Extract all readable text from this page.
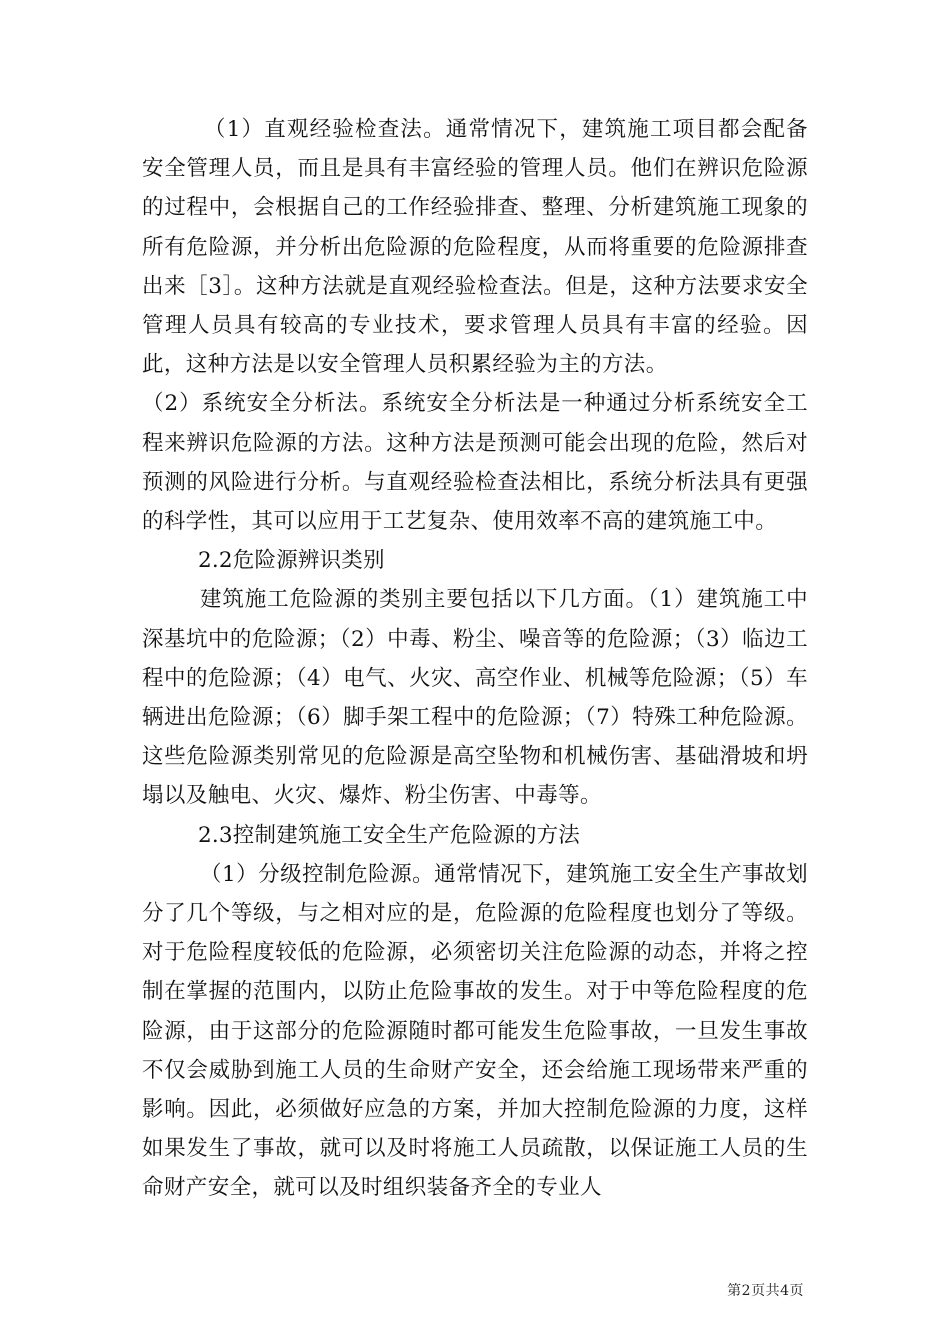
（1）直观经验检查法。通常情况下，建筑施工项目都会配备安全管理人员，而且是具有丰富经验的管理人员。他们在辨识危险源的过程中，会根据自己的工作经验排查、整理、分析建筑施工现象的所有危险源，并分析出危险源的危险程度，从而将重要的危险源排查出来［3］。这种方法就是直观经验检查法。但是，这种方法要求安全管理人员具有较高的专业技术，要求管理人员具有丰富的经验。因此，这种方法是以安全管理人员积累经验为主的方法。

（2）系统安全分析法。系统安全分析法是一种通过分析系统安全工程来辨识危险源的方法。这种方法是预测可能会出现的危险，然后对预测的风险进行分析。与直观经验检查法相比，系统分析法具有更强的科学性，其可以应用于工艺复杂、使用效率不高的建筑施工中。

2.2危险源辨识类别

建筑施工危险源的类别主要包括以下几方面。（1）建筑施工中深基坑中的危险源；（2）中毒、粉尘、噪音等的危险源；（3）临边工程中的危险源；（4）电气、火灾、高空作业、机械等危险源；（5）车辆进出危险源；（6）脚手架工程中的危险源；（7）特殊工种危险源。这些危险源类别常见的危险源是高空坠物和机械伤害、基础滑坡和坍塌以及触电、火灾、爆炸、粉尘伤害、中毒等。

2.3控制建筑施工安全生产危险源的方法

（1）分级控制危险源。通常情况下，建筑施工安全生产事故划分了几个等级，与之相对应的是，危险源的危险程度也划分了等级。对于危险程度较低的危险源，必须密切关注危险源的动态，并将之控制在掌握的范围内，以防止危险事故的发生。对于中等危险程度的危险源，由于这部分的危险源随时都可能发生危险事故，一旦发生事故不仅会威胁到施工人员的生命财产安全，还会给施工现场带来严重的影响。因此，必须做好应急的方案，并加大控制危险源的力度，这样如果发生了事故，就可以及时将施工人员疏散，以保证施工人员的生命财产安全，就可以及时组织装备齐全的专业人

第2页共4页
